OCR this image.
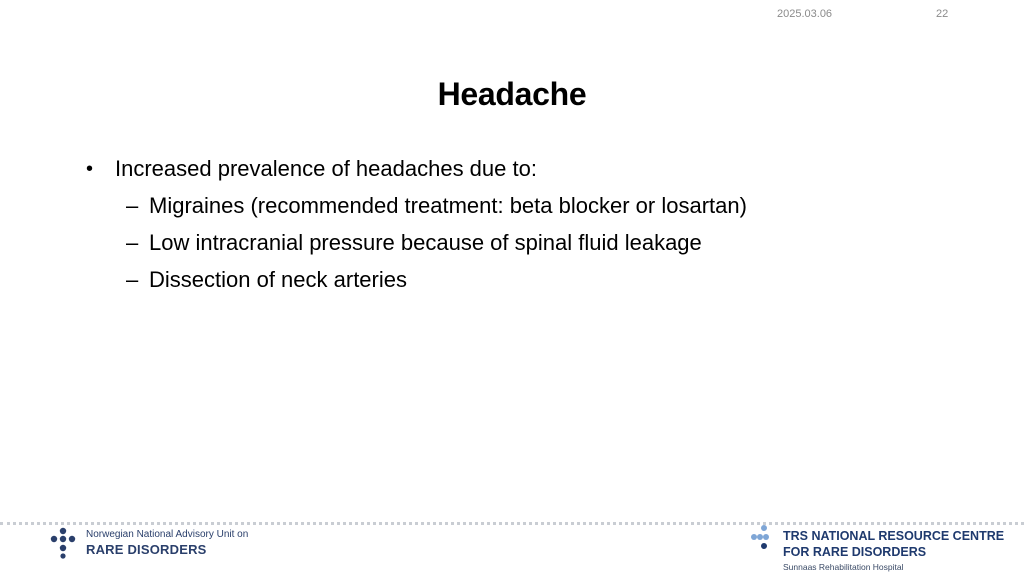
2025.03.06	22
Headache
• Increased prevalence of headaches due to:
– Migraines (recommended treatment: beta blocker or losartan)
– Low intracranial pressure because of spinal fluid leakage
– Dissection of neck arteries
Norwegian National Advisory Unit on
RARE DISORDERS
TRS NATIONAL RESOURCE CENTRE
FOR RARE DISORDERS
Sunnaas Rehabilitation Hospital
